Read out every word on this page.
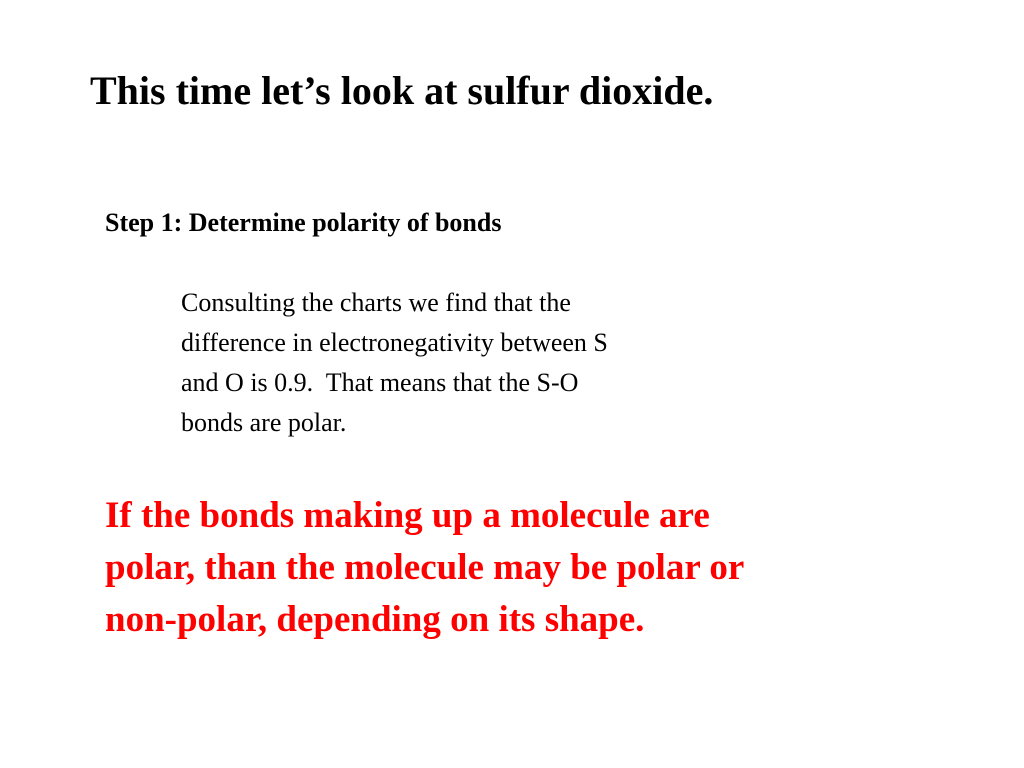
This time let’s look at sulfur dioxide.
Step 1: Determine polarity of bonds
Consulting the charts we find that the
difference in electronegativity between S
and O is 0.9.  That means that the S-O
bonds are polar.
If the bonds making up a molecule are
polar, than the molecule may be polar or
non-polar, depending on its shape.
